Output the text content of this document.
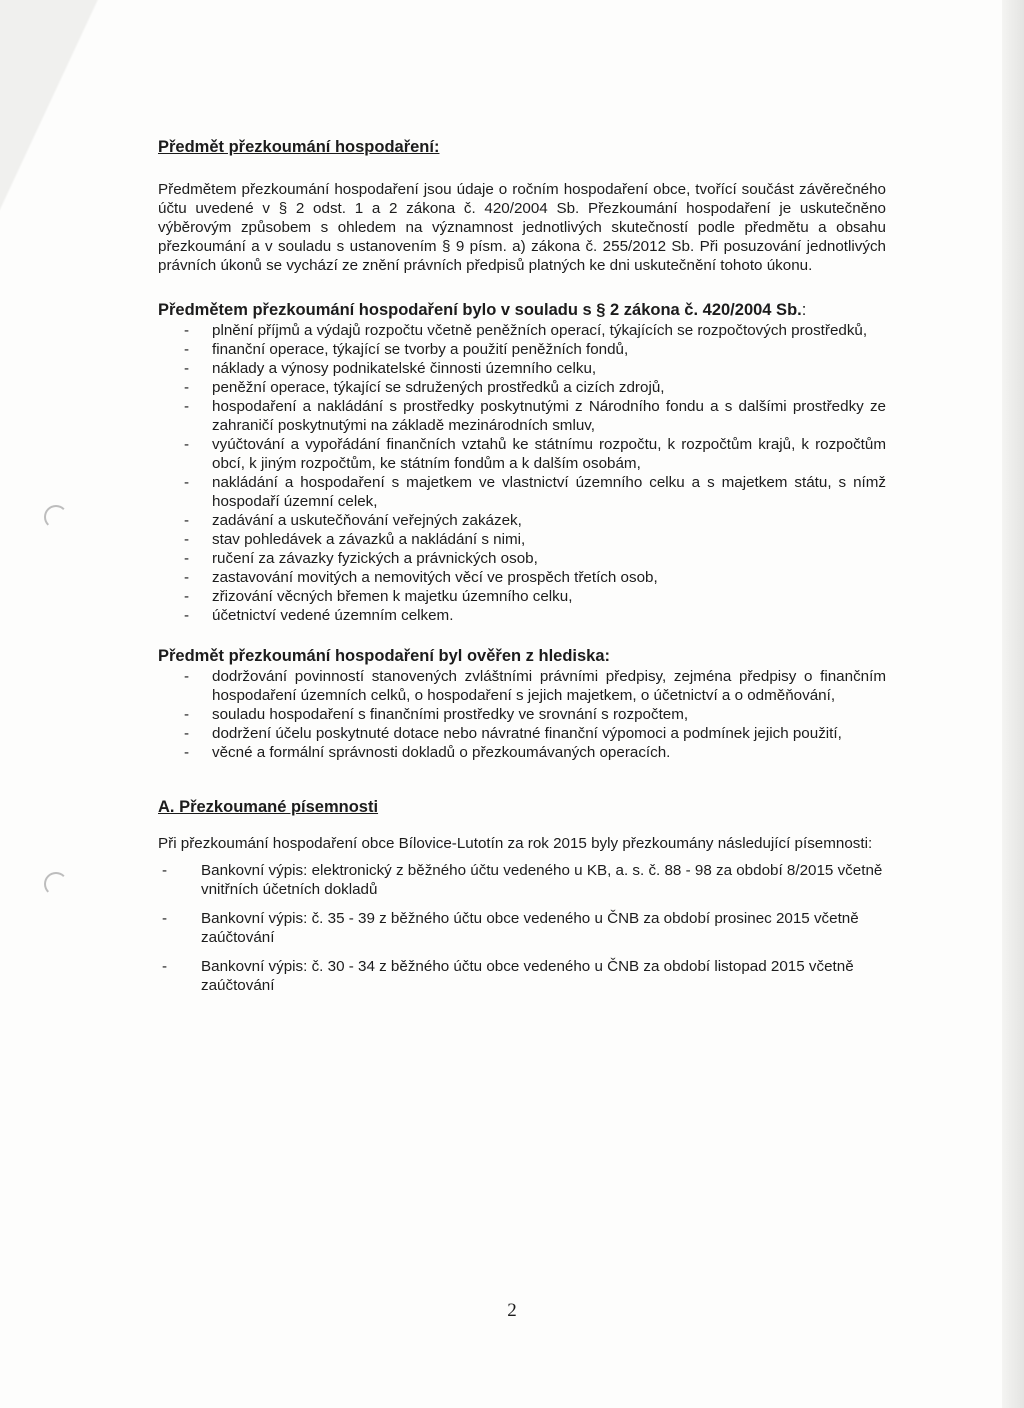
Předmět přezkoumání hospodaření:

Předmětem přezkoumání hospodaření jsou údaje o ročním hospodaření obce, tvořící součást závěrečného účtu uvedené v § 2 odst. 1 a 2 zákona č. 420/2004 Sb. Přezkoumání hospodaření je uskutečněno výběrovým způsobem s ohledem na významnost jednotlivých skutečností podle předmětu a obsahu přezkoumání a v souladu s ustanovením § 9 písm. a) zákona č. 255/2012 Sb. Při posuzování jednotlivých právních úkonů se vychází ze znění právních předpisů platných ke dni uskutečnění tohoto úkonu.

Předmětem přezkoumání hospodaření bylo v souladu s § 2 zákona č. 420/2004 Sb.:
- plnění příjmů a výdajů rozpočtu včetně peněžních operací, týkajících se rozpočtových prostředků,
- finanční operace, týkající se tvorby a použití peněžních fondů,
- náklady a výnosy podnikatelské činnosti územního celku,
- peněžní operace, týkající se sdružených prostředků a cizích zdrojů,
- hospodaření a nakládání s prostředky poskytnutými z Národního fondu a s dalšími prostředky ze zahraničí poskytnutými na základě mezinárodních smluv,
- vyúčtování a vypořádání finančních vztahů ke státnímu rozpočtu, k rozpočtům krajů, k rozpočtům obcí, k jiným rozpočtům, ke státním fondům a k dalším osobám,
- nakládání a hospodaření s majetkem ve vlastnictví územního celku a s majetkem státu, s nímž hospodaří územní celek,
- zadávání a uskutečňování veřejných zakázek,
- stav pohledávek a závazků a nakládání s nimi,
- ručení za závazky fyzických a právnických osob,
- zastavování movitých a nemovitých věcí ve prospěch třetích osob,
- zřizování věcných břemen k majetku územního celku,
- účetnictví vedené územním celkem.
Předmět přezkoumání hospodaření byl ověřen z hlediska:
- dodržování povinností stanovených zvláštními právními předpisy, zejména předpisy o finančním hospodaření územních celků, o hospodaření s jejich majetkem, o účetnictví a o odměňování,
- souladu hospodaření s finančními prostředky ve srovnání s rozpočtem,
- dodržení účelu poskytnuté dotace nebo návratné finanční výpomoci a podmínek jejich použití,
- věcné a formální správnosti dokladů o přezkoumávaných operacích.
A. Přezkoumané písemnosti

Při přezkoumání hospodaření obce Bílovice-Lutotín za rok 2015 byly přezkoumány následující písemnosti:

- Bankovní výpis: elektronický z běžného účtu vedeného u KB, a. s. č. 88 - 98 za období 8/2015 včetně vnitřních účetních dokladů
- Bankovní výpis: č. 35 - 39 z běžného účtu obce vedeného u ČNB za období prosinec 2015 včetně zaúčtování
- Bankovní výpis: č. 30 - 34 z běžného účtu obce vedeného u ČNB za období listopad 2015 včetně zaúčtování
2
